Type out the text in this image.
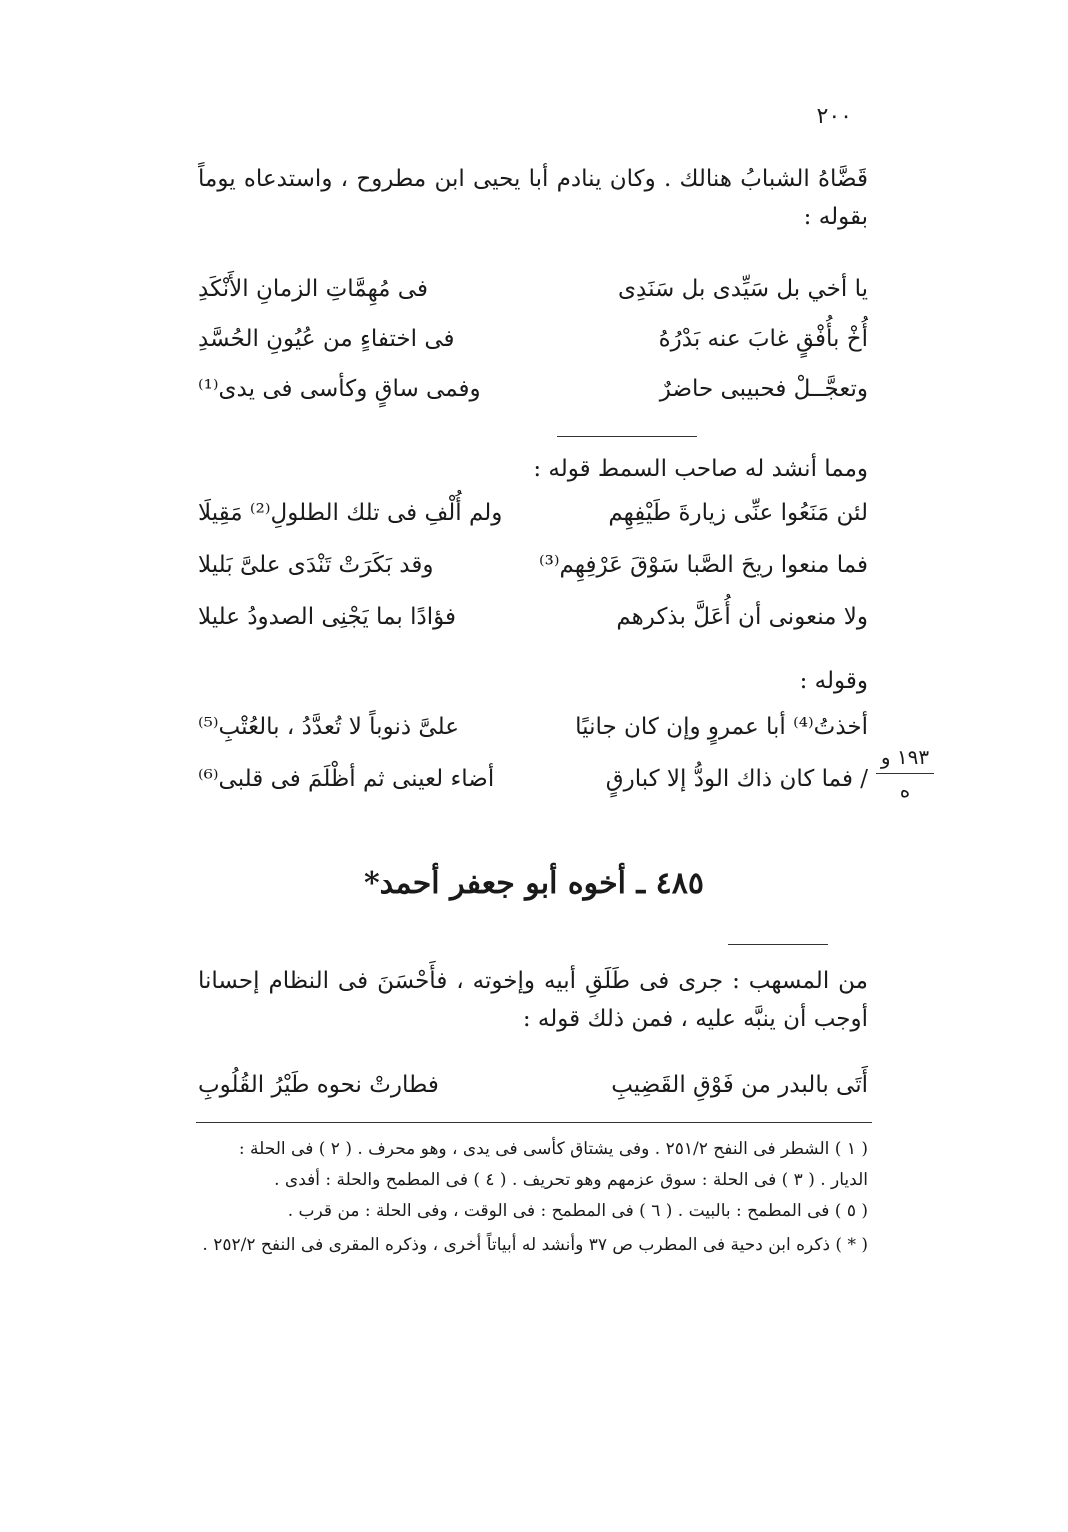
٢٠٠
قَضَّاهُ الشبابُ هنالك . وكان ينادم أبا يحيى ابن مطروح ، واستدعاه يوماً بقوله :
يا أخي بل سَيِّدى بل سَنَدِى
فى مُهِمَّاتِ الزمانِ الأَنْكَدِ
أُخْ بأُفْقٍ غابَ عنه بَدْرُهُ
فى اختفاءٍ من عُيُونِ الحُسَّدِ
وتعجَّــلْ فحبيبى حاضرٌ
وفمى ساقٍ وكأسى فى يدى⁽¹⁾
ومما أنشد له صاحب السمط قوله :
لئن مَنَعُوا عنِّى زيارةَ طَيْفِهِم
ولم أُلْفِ فى تلك الطلولِ⁽²⁾ مَقِيلَا
فما منعوا ريحَ الصَّبا سَوْقَ عَرْفِهِم⁽³⁾
وقد بَكَرَتْ تَنْدَى علىَّ بَليلا
ولا منعونى أن أُعَلَّ بذكرهم
فؤادًا بما يَجْنِى الصدودُ عليلا
وقوله :
أخذتُ⁽⁴⁾ أبا عمروٍ وإن كان جانيًا
علىَّ ذنوباً لا تُعدَّدُ ، بالعُتْبِ⁽⁵⁾
/ فما كان ذاك الودُّ إلا كبارقٍ
أضاء لعينى ثم أظْلَمَ فى قلبى⁽⁶⁾
١٩٣ و
ه
٤٨٥ ـ أخوه أبو جعفر أحمد*
من المسهب : جرى فى طَلَقِ أبيه وإخوته ، فأَحْسَنَ فى النظام إحسانا أوجب أن ينبَّه عليه ، فمن ذلك قوله :
أَتَى بالبدر من فَوْقِ القَضِيبِ
فطارتْ نحوه طَيْرُ القُلُوبِ
( ١ ) الشطر فى النفح ٢٥١/٢ . وفى يشتاق كأسى فى يدى ، وهو محرف . ( ٢ ) فى الحلة : الديار . ( ٣ ) فى الحلة : سوق عزمهم وهو تحريف . ( ٤ ) فى المطمح والحلة : أفدى .
( ٥ ) فى المطمح : بالبيت . ( ٦ ) فى المطمح : فى الوقت ، وفى الحلة : من قرب .
( * ) ذكره ابن دحية فى المطرب ص ٣٧ وأنشد له أبياتاً أخرى ، وذكره المقرى فى النفح ٢٥٢/٢ .
